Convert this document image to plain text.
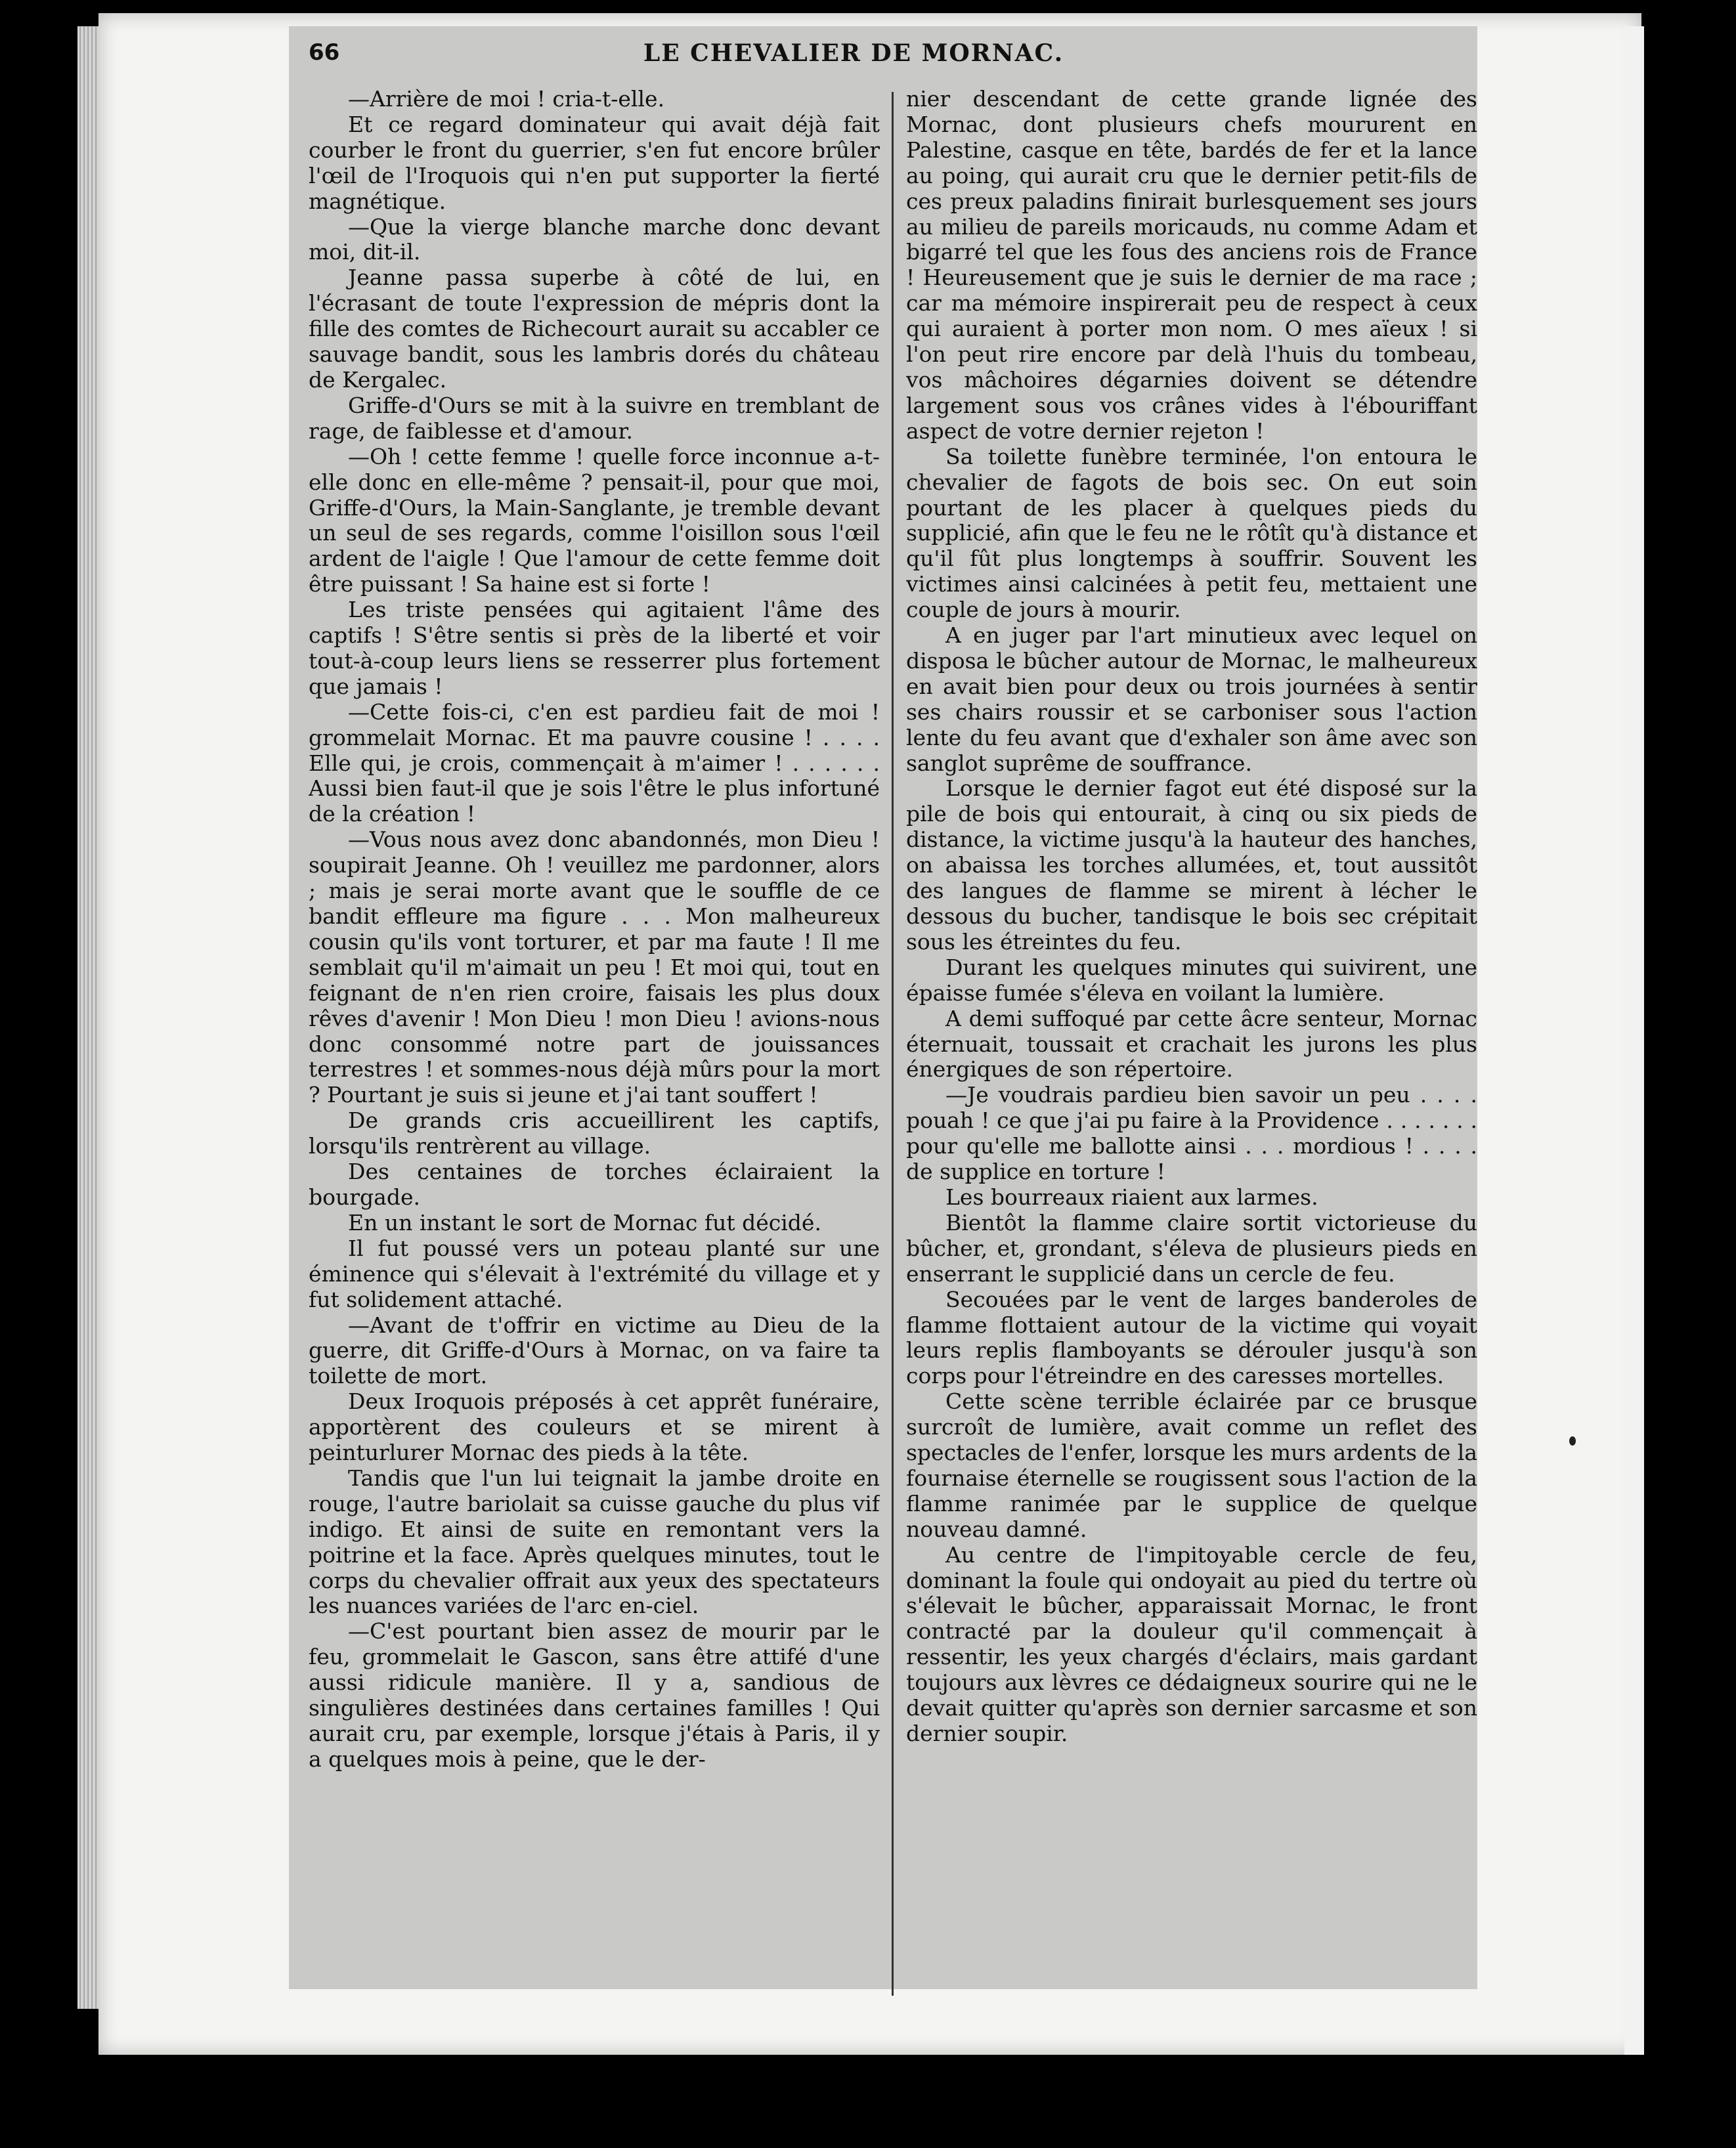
66	LE CHEVALIER DE MORNAC.

—Arrière de moi ! cria-t-elle.

Et ce regard dominateur qui avait déjà fait courber le front du guerrier, s'en fut encore brûler l'œil de l'Iroquois qui n'en put supporter la fierté magnétique.

—Que la vierge blanche marche donc devant moi, dit-il.

Jeanne passa superbe à côté de lui, en l'écrasant de toute l'expression de mépris dont la fille des comtes de Richecourt aurait su accabler ce sauvage bandit, sous les lambris dorés du château de Kergalec.

Griffe-d'Ours se mit à la suivre en tremblant de rage, de faiblesse et d'amour.

—Oh ! cette femme ! quelle force inconnue a-t-elle donc en elle-même ? pensait-il, pour que moi, Griffe-d'Ours, la Main-Sanglante, je tremble devant un seul de ses regards, comme l'oisillon sous l'œil ardent de l'aigle ! Que l'amour de cette femme doit être puissant ! Sa haine est si forte !

Les triste pensées qui agitaient l'âme des captifs ! S'être sentis si près de la liberté et voir tout-à-coup leurs liens se resserrer plus fortement que jamais !

—Cette fois-ci, c'en est pardieu fait de moi ! grommelait Mornac. Et ma pauvre cousine ! . . . . Elle qui, je crois, commençait à m'aimer ! . . . . . . Aussi bien faut-il que je sois l'être le plus infortuné de la création !

—Vous nous avez donc abandonnés, mon Dieu ! soupirait Jeanne. Oh ! veuillez me pardonner, alors ; mais je serai morte avant que le souffle de ce bandit effleure ma figure . . . Mon malheureux cousin qu'ils vont torturer, et par ma faute ! Il me semblait qu'il m'aimait un peu ! Et moi qui, tout en feignant de n'en rien croire, faisais les plus doux rêves d'avenir ! Mon Dieu ! mon Dieu ! avions-nous donc consommé notre part de jouissances terrestres ! et sommes-nous déjà mûrs pour la mort ? Pourtant je suis si jeune et j'ai tant souffert !

De grands cris accueillirent les captifs, lorsqu'ils rentrèrent au village.

Des centaines de torches éclairaient la bourgade.

En un instant le sort de Mornac fut décidé.

Il fut poussé vers un poteau planté sur une éminence qui s'élevait à l'extrémité du village et y fut solidement attaché.

—Avant de t'offrir en victime au Dieu de la guerre, dit Griffe-d'Ours à Mornac, on va faire ta toilette de mort.

Deux Iroquois préposés à cet apprêt funéraire, apportèrent des couleurs et se mirent à peinturlurer Mornac des pieds à la tête.

Tandis que l'un lui teignait la jambe droite en rouge, l'autre bariolait sa cuisse gauche du plus vif indigo. Et ainsi de suite en remontant vers la poitrine et la face. Après quelques minutes, tout le corps du chevalier offrait aux yeux des spectateurs les nuances variées de l'arc en-ciel.

—C'est pourtant bien assez de mourir par le feu, grommelait le Gascon, sans être attifé d'une aussi ridicule manière. Il y a, sandious de singulières destinées dans certaines familles ! Qui aurait cru, par exemple, lorsque j'étais à Paris, il y a quelques mois à peine, que le der-

nier descendant de cette grande lignée des Mornac, dont plusieurs chefs moururent en Palestine, casque en tête, bardés de fer et la lance au poing, qui aurait cru que le dernier petit-fils de ces preux paladins finirait burlesquement ses jours au milieu de pareils moricauds, nu comme Adam et bigarré tel que les fous des anciens rois de France ! Heureusement que je suis le dernier de ma race ; car ma mémoire inspirerait peu de respect à ceux qui auraient à porter mon nom. O mes aïeux ! si l'on peut rire encore par delà l'huis du tombeau, vos mâchoires dégarnies doivent se détendre largement sous vos crânes vides à l'ébouriffant aspect de votre dernier rejeton !

Sa toilette funèbre terminée, l'on entoura le chevalier de fagots de bois sec. On eut soin pourtant de les placer à quelques pieds du supplicié, afin que le feu ne le rôtît qu'à distance et qu'il fût plus longtemps à souffrir. Souvent les victimes ainsi calcinées à petit feu, mettaient une couple de jours à mourir.

A en juger par l'art minutieux avec lequel on disposa le bûcher autour de Mornac, le malheureux en avait bien pour deux ou trois journées à sentir ses chairs roussir et se carboniser sous l'action lente du feu avant que d'exhaler son âme avec son sanglot suprême de souffrance.

Lorsque le dernier fagot eut été disposé sur la pile de bois qui entourait, à cinq ou six pieds de distance, la victime jusqu'à la hauteur des hanches, on abaissa les torches allumées, et, tout aussitôt des langues de flamme se mirent à lécher le dessous du bucher, tandisque le bois sec crépitait sous les étreintes du feu.

Durant les quelques minutes qui suivirent, une épaisse fumée s'éleva en voilant la lumière.

A demi suffoqué par cette âcre senteur, Mornac éternuait, toussait et crachait les jurons les plus énergiques de son répertoire.

—Je voudrais pardieu bien savoir un peu . . . . pouah ! ce que j'ai pu faire à la Providence . . . . . . . pour qu'elle me ballotte ainsi . . . mordious ! . . . . de supplice en torture !

Les bourreaux riaient aux larmes.

Bientôt la flamme claire sortit victorieuse du bûcher, et, grondant, s'éleva de plusieurs pieds en enserrant le supplicié dans un cercle de feu.

Secouées par le vent de larges banderoles de flamme flottaient autour de la victime qui voyait leurs replis flamboyants se dérouler jusqu'à son corps pour l'étreindre en des caresses mortelles.

Cette scène terrible éclairée par ce brusque surcroît de lumière, avait comme un reflet des spectacles de l'enfer, lorsque les murs ardents de la fournaise éternelle se rougissent sous l'action de la flamme ranimée par le supplice de quelque nouveau damné.

Au centre de l'impitoyable cercle de feu, dominant la foule qui ondoyait au pied du tertre où s'élevait le bûcher, apparaissait Mornac, le front contracté par la douleur qu'il commençait à ressentir, les yeux chargés d'éclairs, mais gardant toujours aux lèvres ce dédaigneux sourire qui ne le devait quitter qu'après son dernier sarcasme et son dernier soupir.
